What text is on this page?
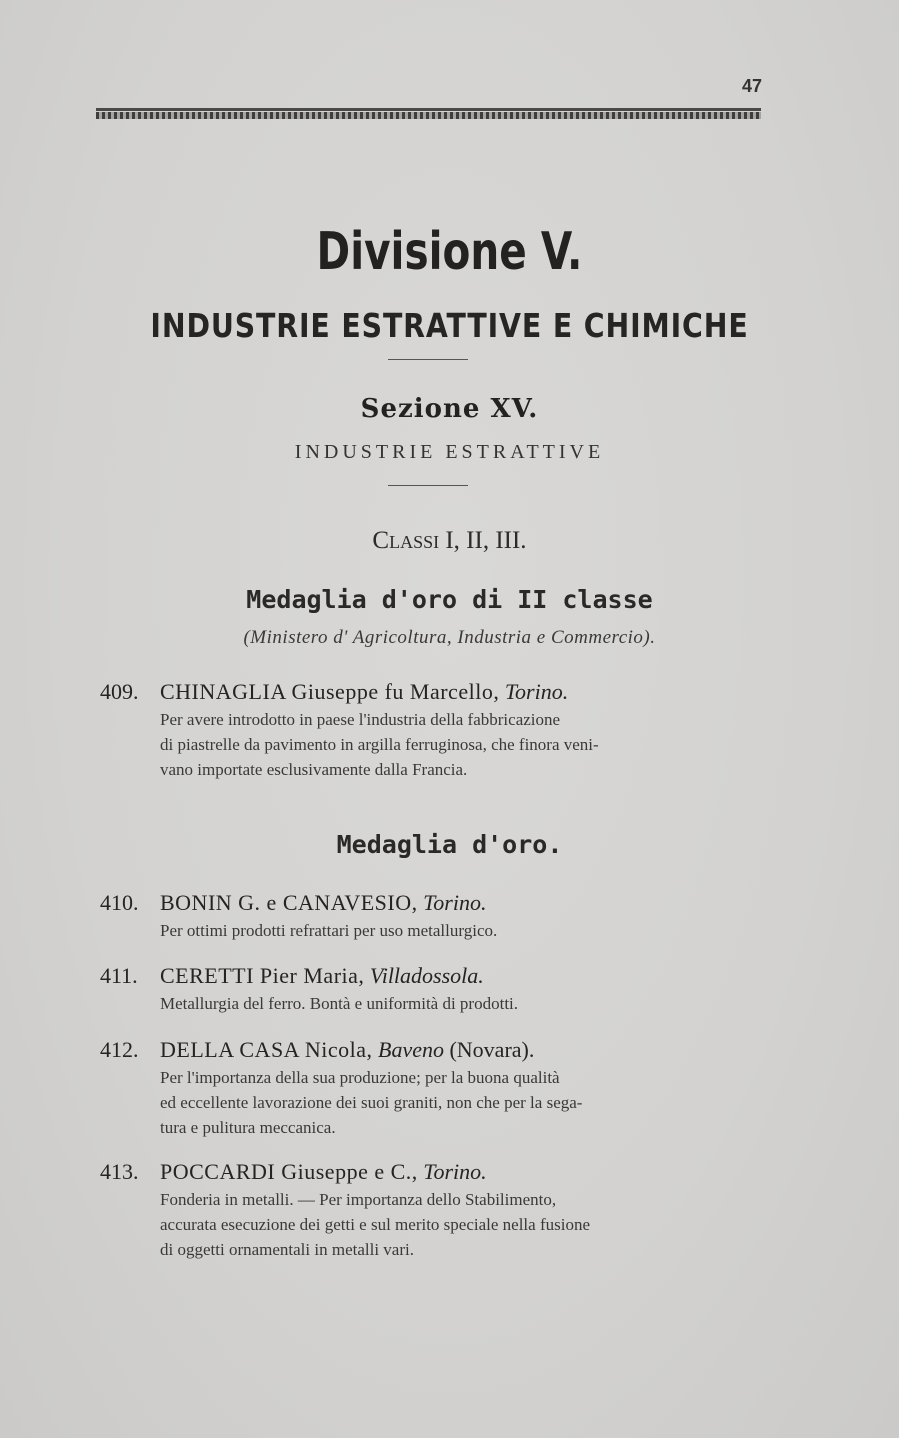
47
Divisione V.
INDUSTRIE ESTRATTIVE E CHIMICHE
Sezione XV.
INDUSTRIE ESTRATTIVE
Classi I, II, III.
Medaglia d'oro di II classe
(Ministero d' Agricoltura, Industria e Commercio).
409. CHINAGLIA Giuseppe fu Marcello, Torino.

Per avere introdotto in paese l'industria della fabbricazione

di piastrelle da pavimento in argilla ferruginosa, che finora veni-

vano importate esclusivamente dalla Francia.

Medaglia d'oro.
410. BONIN G. e CANAVESIO, Torino.

Per ottimi prodotti refrattari per uso metallurgico.

411. CERETTI Pier Maria, Villadossola.

Metallurgia del ferro. Bontà e uniformità di prodotti.

412. DELLA CASA Nicola, Baveno (Novara).

Per l'importanza della sua produzione; per la buona qualità

ed eccellente lavorazione dei suoi graniti, non che per la sega-

tura e pulitura meccanica.

413. POCCARDI Giuseppe e C., Torino.

Fonderia in metalli. — Per importanza dello Stabilimento,

accurata esecuzione dei getti e sul merito speciale nella fusione

di oggetti ornamentali in metalli vari.
